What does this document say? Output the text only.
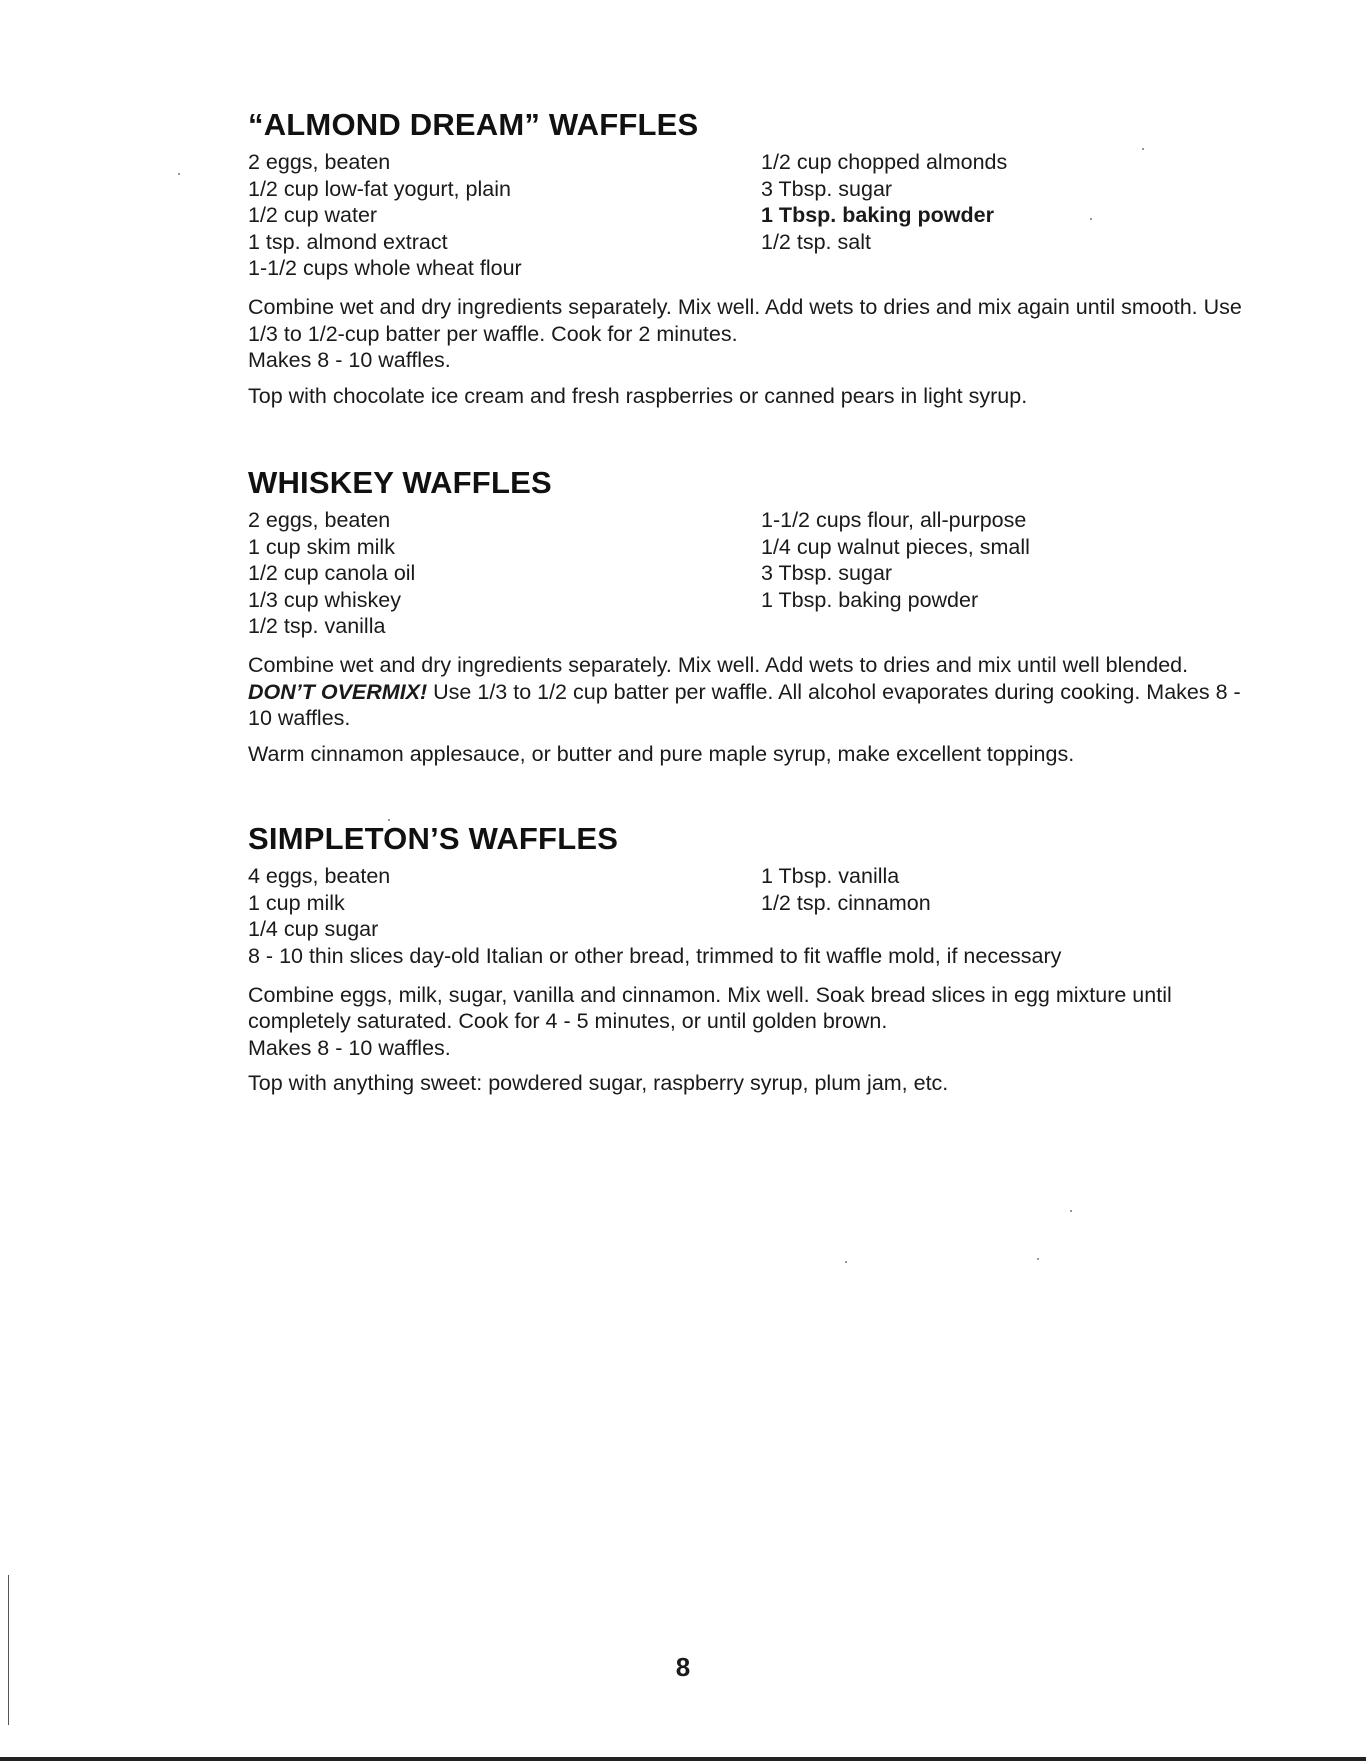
“ALMOND DREAM” WAFFLES
2 eggs, beaten
1/2 cup low-fat yogurt, plain
1/2 cup water
1 tsp. almond extract
1-1/2 cups whole wheat flour
1/2 cup chopped almonds
3 Tbsp. sugar
1 Tbsp. baking powder
1/2 tsp. salt

Combine wet and dry ingredients separately. Mix well. Add wets to dries and mix again until smooth. Use 1/3 to 1/2-cup batter per waffle. Cook for 2 minutes.
Makes 8 - 10 waffles.

Top with chocolate ice cream and fresh raspberries or canned pears in light syrup.

WHISKEY WAFFLES
2 eggs, beaten
1 cup skim milk
1/2 cup canola oil
1/3 cup whiskey
1/2 tsp. vanilla
1-1/2 cups flour, all-purpose
1/4 cup walnut pieces, small
3 Tbsp. sugar
1 Tbsp. baking powder

Combine wet and dry ingredients separately. Mix well. Add wets to dries and mix until well blended. DON’T OVERMIX! Use 1/3 to 1/2 cup batter per waffle. All alcohol evaporates during cooking. Makes 8 - 10 waffles.

Warm cinnamon applesauce, or butter and pure maple syrup, make excellent toppings.

SIMPLETON’S WAFFLES
4 eggs, beaten
1 cup milk
1/4 cup sugar
1 Tbsp. vanilla
1/2 tsp. cinnamon
8 - 10 thin slices day-old Italian or other bread, trimmed to fit waffle mold, if necessary

Combine eggs, milk, sugar, vanilla and cinnamon. Mix well. Soak bread slices in egg mixture until completely saturated. Cook for 4 - 5 minutes, or until golden brown.
Makes 8 - 10 waffles.

Top with anything sweet: powdered sugar, raspberry syrup, plum jam, etc.

8
